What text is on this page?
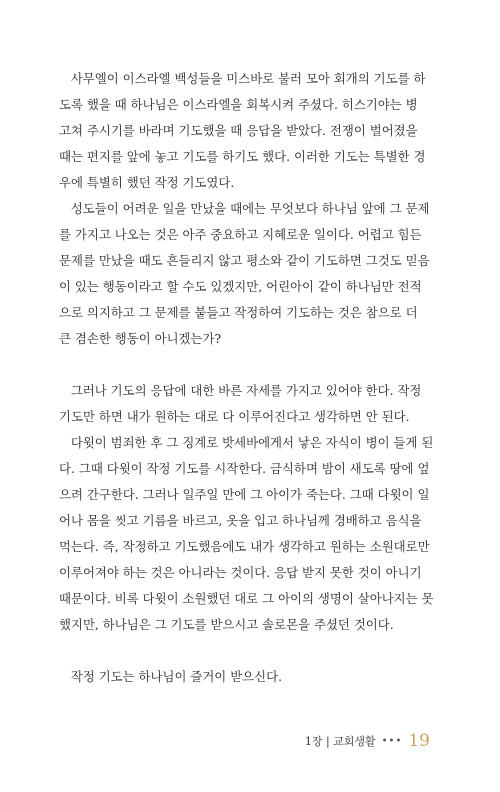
사무엘이 이스라엘 백성들을 미스바로 불러 모아 회개의 기도를 하
도록 했을 때 하나님은 이스라엘을 회복시켜 주셨다. 히스기야는 병
고쳐 주시기를 바라며 기도했을 때 응답을 받았다. 전쟁이 벌어졌을
때는 편지를 앞에 놓고 기도를 하기도 했다. 이러한 기도는 특별한 경
우에 특별히 했던 작정 기도였다.

성도들이 어려운 일을 만났을 때에는 무엇보다 하나님 앞에 그 문제
를 가지고 나오는 것은 아주 중요하고 지혜로운 일이다. 어렵고 힘든
문제를 만났을 때도 흔들리지 않고 평소와 같이 기도하면 그것도 믿음
이 있는 행동이라고 할 수도 있겠지만, 어린아이 같이 하나님만 전적
으로 의지하고 그 문제를 붙들고 작정하여 기도하는 것은 참으로 더
큰 겸손한 행동이 아니겠는가?

그러나 기도의 응답에 대한 바른 자세를 가지고 있어야 한다. 작정
기도만 하면 내가 원하는 대로 다 이루어진다고 생각하면 안 된다.

다윗이 범죄한 후 그 징계로 밧세바에게서 낳은 자식이 병이 들게 된
다. 그때 다윗이 작정 기도를 시작한다. 금식하며 밤이 새도록 땅에 엎
으려 간구한다. 그러나 일주일 만에 그 아이가 죽는다. 그때 다윗이 일
어나 몸을 씻고 기름을 바르고, 옷을 입고 하나님께 경배하고 음식을
먹는다. 즉, 작정하고 기도했음에도 내가 생각하고 원하는 소원대로만
이루어져야 하는 것은 아니라는 것이다. 응답 받지 못한 것이 아니기
때문이다. 비록 다윗이 소원했던 대로 그 아이의 생명이 살아나지는 못
했지만, 하나님은 그 기도를 받으시고 솔로몬을 주셨던 것이다.

작정 기도는 하나님이 즐거이 받으신다.

1장 | 교회생활 ••• 19
